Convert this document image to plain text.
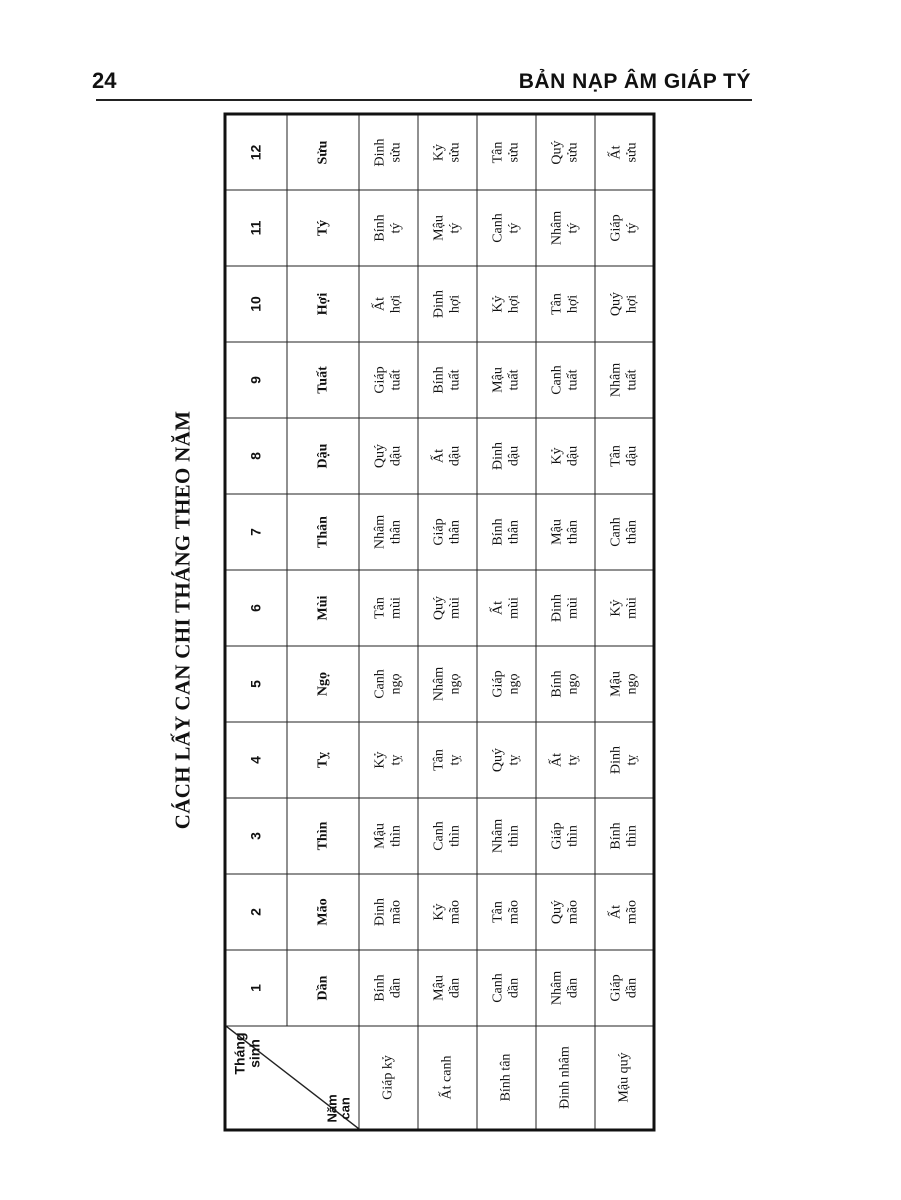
24	BẢN NẠP ÂM GIÁP TÝ
CÁCH LẤY CAN CHI THÁNG THEO NĂM
Tháng
sinh
Năm
can	1	2	3	4	5	6	7	8	9	10	11	12
	Dần	Mão	Thìn	Tỵ	Ngọ	Mùi	Thân	Dậu	Tuất	Hợi	Tý	Sửu
Giáp kỷ	Bính dần	Đinh mão	Mậu thìn	Kỷ tỵ	Canh ngọ	Tân mùi	Nhâm thân	Quý dậu	Giáp tuất	Ất hợi	Bính tý	Đinh sửu

Ất canh	Mậu dần	Kỷ mão	Canh thìn	Tân tỵ	Nhâm ngọ	Quý mùi	Giáp thân	Ất dậu	Bính tuất	Đinh hợi	Mậu tý	Kỷ sửu

Bính tân	Canh dần	Tân mão	Nhâm thìn	Quý tỵ	Giáp ngọ	Ất mùi	Bính thân	Đinh dậu	Mậu tuất	Kỷ hợi	Canh tý	Tân sửu

Đinh nhâm	Nhâm dần	Quý mão	Giáp thìn	Ất tỵ	Bính ngọ	Đinh mùi	Mậu thân	Kỷ dậu	Canh tuất	Tân hợi	Nhâm tý	Quý sửu

Mậu quý	Giáp dần	Ất mão	Bính thìn	Đinh tỵ	Mậu ngọ	Kỷ mùi	Canh thân	Tân dậu	Nhâm tuất	Quý hợi	Giáp tý	Ất sửu
